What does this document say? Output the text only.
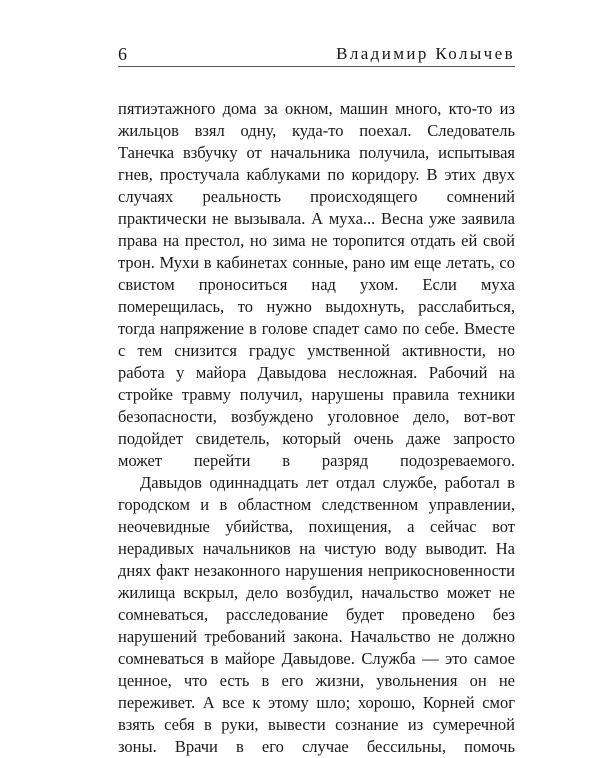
6	Владимир Колычев

пятиэтажного дома за окном, машин много, кто-то из жильцов взял одну, куда-то поехал. Следователь Танечка взбучку от начальника получила, испытывая гнев, простучала каблуками по коридору. В этих двух случаях реальность происходящего сомнений практически не вызывала. А муха... Весна уже заявила права на престол, но зима не торопится отдать ей свой трон. Мухи в кабинетах сонные, рано им еще летать, со свистом проноситься над ухом. Если муха померещилась, то нужно выдохнуть, расслабиться, тогда напряжение в голове спадет само по себе. Вместе с тем снизится градус умственной активности, но работа у майора Давыдова несложная. Рабочий на стройке травму получил, нарушены правила техники безопасности, возбуждено уголовное дело, вот-вот подойдет свидетель, который очень даже запросто может перейти в разряд подозреваемого.

Давыдов одиннадцать лет отдал службе, работал в городском и в областном следственном управлении, неочевидные убийства, похищения, а сейчас вот нерадивых начальников на чистую воду выводит. На днях факт незаконного нарушения неприкосновенности жилища вскрыл, дело возбудил, начальство может не сомневаться, расследование будет проведено без нарушений требований закона. Начальство не должно сомневаться в майоре Давыдове. Служба — это самое ценное, что есть в его жизни, увольнения он не переживет. А все к этому шло; хорошо, Корней смог взять себя в руки, вывести сознание из сумеречной зоны. Врачи в его случае бессильны, помочь
